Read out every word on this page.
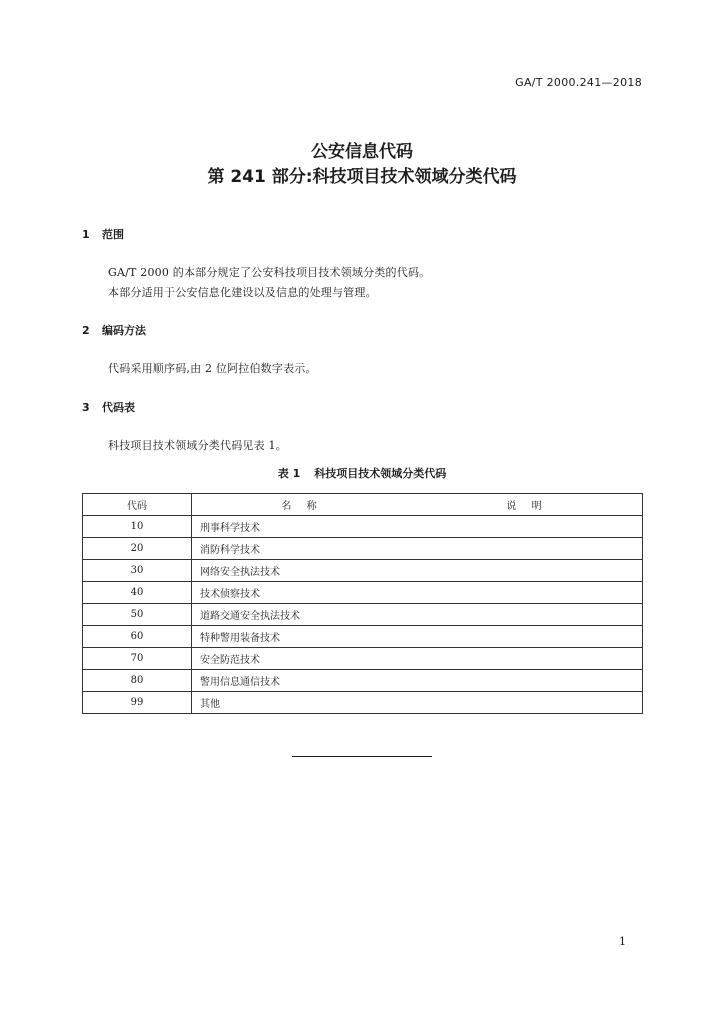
GA/T 2000.241—2018
公安信息代码
第 241 部分:科技项目技术领域分类代码
1 范围
GA/T 2000 的本部分规定了公安科技项目技术领域分类的代码。
本部分适用于公安信息化建设以及信息的处理与管理。
2 编码方法
代码采用顺序码,由 2 位阿拉伯数字表示。
3 代码表
科技项目技术领域分类代码见表 1。
表 1 科技项目技术领域分类代码
代码	名 称	说 明
10	刑事科学技术	
20	消防科学技术	
30	网络安全执法技术	
40	技术侦察技术	
50	道路交通安全执法技术	
60	特种警用装备技术	
70	安全防范技术	
80	警用信息通信技术	
99	其他	
1
